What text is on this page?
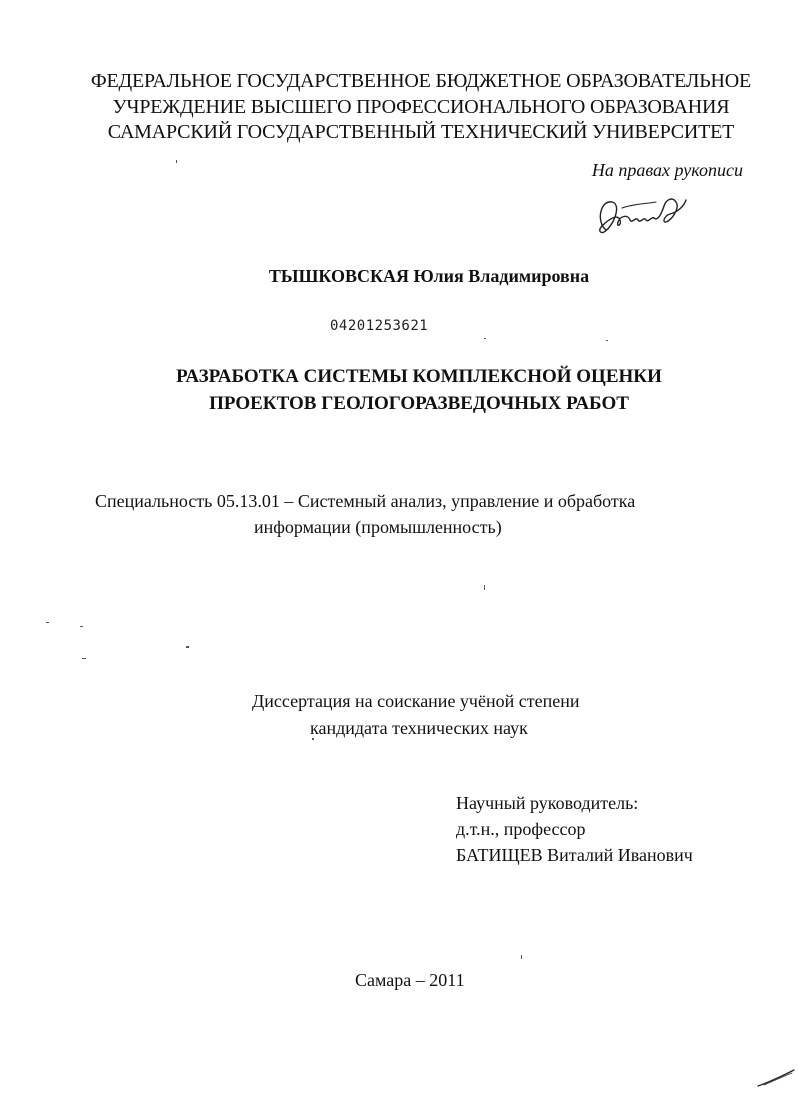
ФЕДЕРАЛЬНОЕ ГОСУДАРСТВЕННОЕ БЮДЖЕТНОЕ ОБРАЗОВАТЕЛЬНОЕ
УЧРЕЖДЕНИЕ ВЫСШЕГО ПРОФЕССИОНАЛЬНОГО ОБРАЗОВАНИЯ
САМАРСКИЙ ГОСУДАРСТВЕННЫЙ ТЕХНИЧЕСКИЙ УНИВЕРСИТЕТ
На правах рукописи
ТЫШКОВСКАЯ Юлия Владимировна
04201253621
РАЗРАБОТКА СИСТЕМЫ КОМПЛЕКСНОЙ ОЦЕНКИ
ПРОЕКТОВ ГЕОЛОГОРАЗВЕДОЧНЫХ РАБОТ
Специальность 05.13.01 – Системный анализ, управление и обработка
информации (промышленность)
Диссертация на соискание учёной степени
кандидата технических наук
Научный руководитель:
д.т.н., профессор
БАТИЩЕВ Виталий Иванович
Самара – 2011
